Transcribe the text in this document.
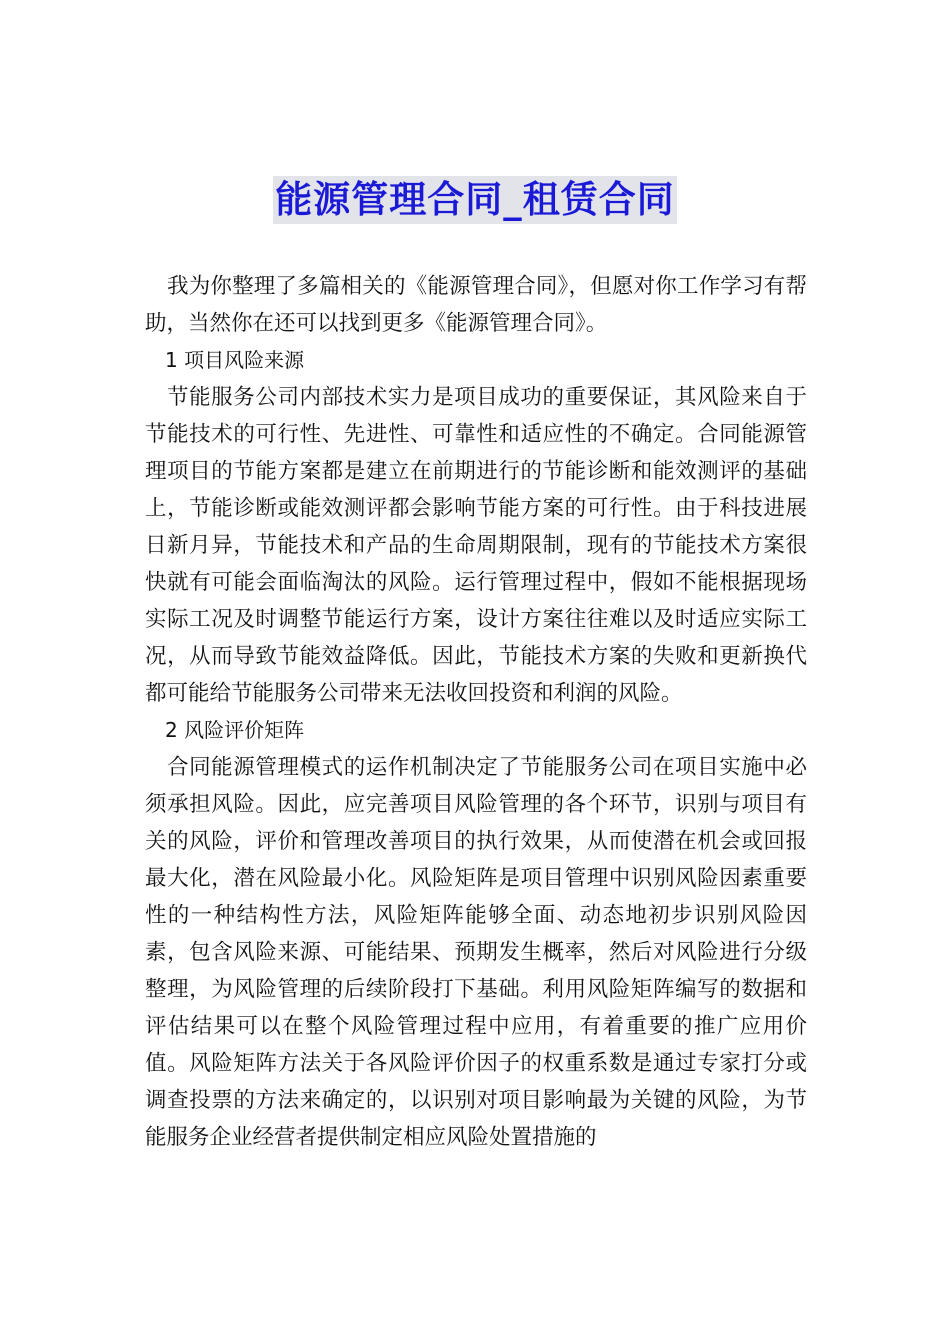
能源管理合同_租赁合同

我为你整理了多篇相关的《能源管理合同》，但愿对你工作学习有帮助，当然你在还可以找到更多《能源管理合同》。

1 项目风险来源

节能服务公司内部技术实力是项目成功的重要保证，其风险来自于节能技术的可行性、先进性、可靠性和适应性的不确定。合同能源管理项目的节能方案都是建立在前期进行的节能诊断和能效测评的基础上，节能诊断或能效测评都会影响节能方案的可行性。由于科技进展日新月异，节能技术和产品的生命周期限制，现有的节能技术方案很快就有可能会面临淘汰的风险。运行管理过程中，假如不能根据现场实际工况及时调整节能运行方案，设计方案往往难以及时适应实际工况，从而导致节能效益降低。因此，节能技术方案的失败和更新换代都可能给节能服务公司带来无法收回投资和利润的风险。

2 风险评价矩阵

合同能源管理模式的运作机制决定了节能服务公司在项目实施中必须承担风险。因此，应完善项目风险管理的各个环节，识别与项目有关的风险，评价和管理改善项目的执行效果，从而使潜在机会或回报最大化，潜在风险最小化。风险矩阵是项目管理中识别风险因素重要性的一种结构性方法，风险矩阵能够全面、动态地初步识别风险因素，包含风险来源、可能结果、预期发生概率，然后对风险进行分级整理，为风险管理的后续阶段打下基础。利用风险矩阵编写的数据和评估结果可以在整个风险管理过程中应用，有着重要的推广应用价值。风险矩阵方法关于各风险评价因子的权重系数是通过专家打分或调查投票的方法来确定的，以识别对项目影响最为关键的风险，为节能服务企业经营者提供制定相应风险处置措施的
